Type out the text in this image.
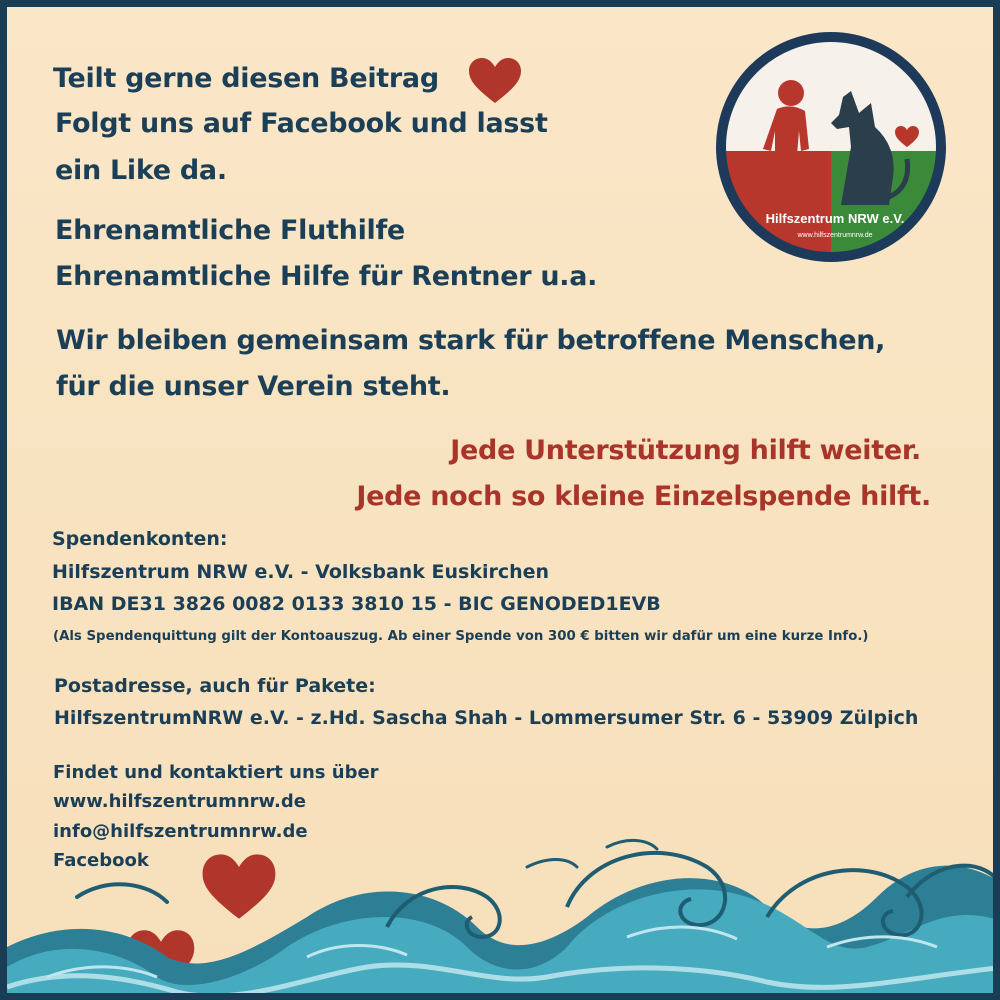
Teilt gerne diesen Beitrag
Folgt uns auf Facebook und lasst
ein Like da.
Ehrenamtliche Fluthilfe
Ehrenamtliche Hilfe für Rentner u.a.
Wir bleiben gemeinsam stark für betroffene Menschen,
für die unser Verein steht.
Jede Unterstützung hilft weiter.
Jede noch so kleine Einzelspende hilft.
Spendenkonten:
Hilfszentrum NRW e.V. - Volksbank Euskirchen
IBAN DE31 3826 0082 0133 3810 15 - BIC GENODED1EVB
(Als Spendenquittung gilt der Kontoauszug. Ab einer Spende von 300 € bitten wir dafür um eine kurze Info.)
Postadresse, auch für Pakete:
HilfszentrumNRW e.V. - z.Hd. Sascha Shah - Lommersumer Str. 6 - 53909 Zülpich
Findet und kontaktiert uns über
www.hilfszentrumnrw.de
info@hilfszentrumnrw.de
Facebook
Hilfszentrum NRW e.V.
www.hilfszentrumnrw.de
